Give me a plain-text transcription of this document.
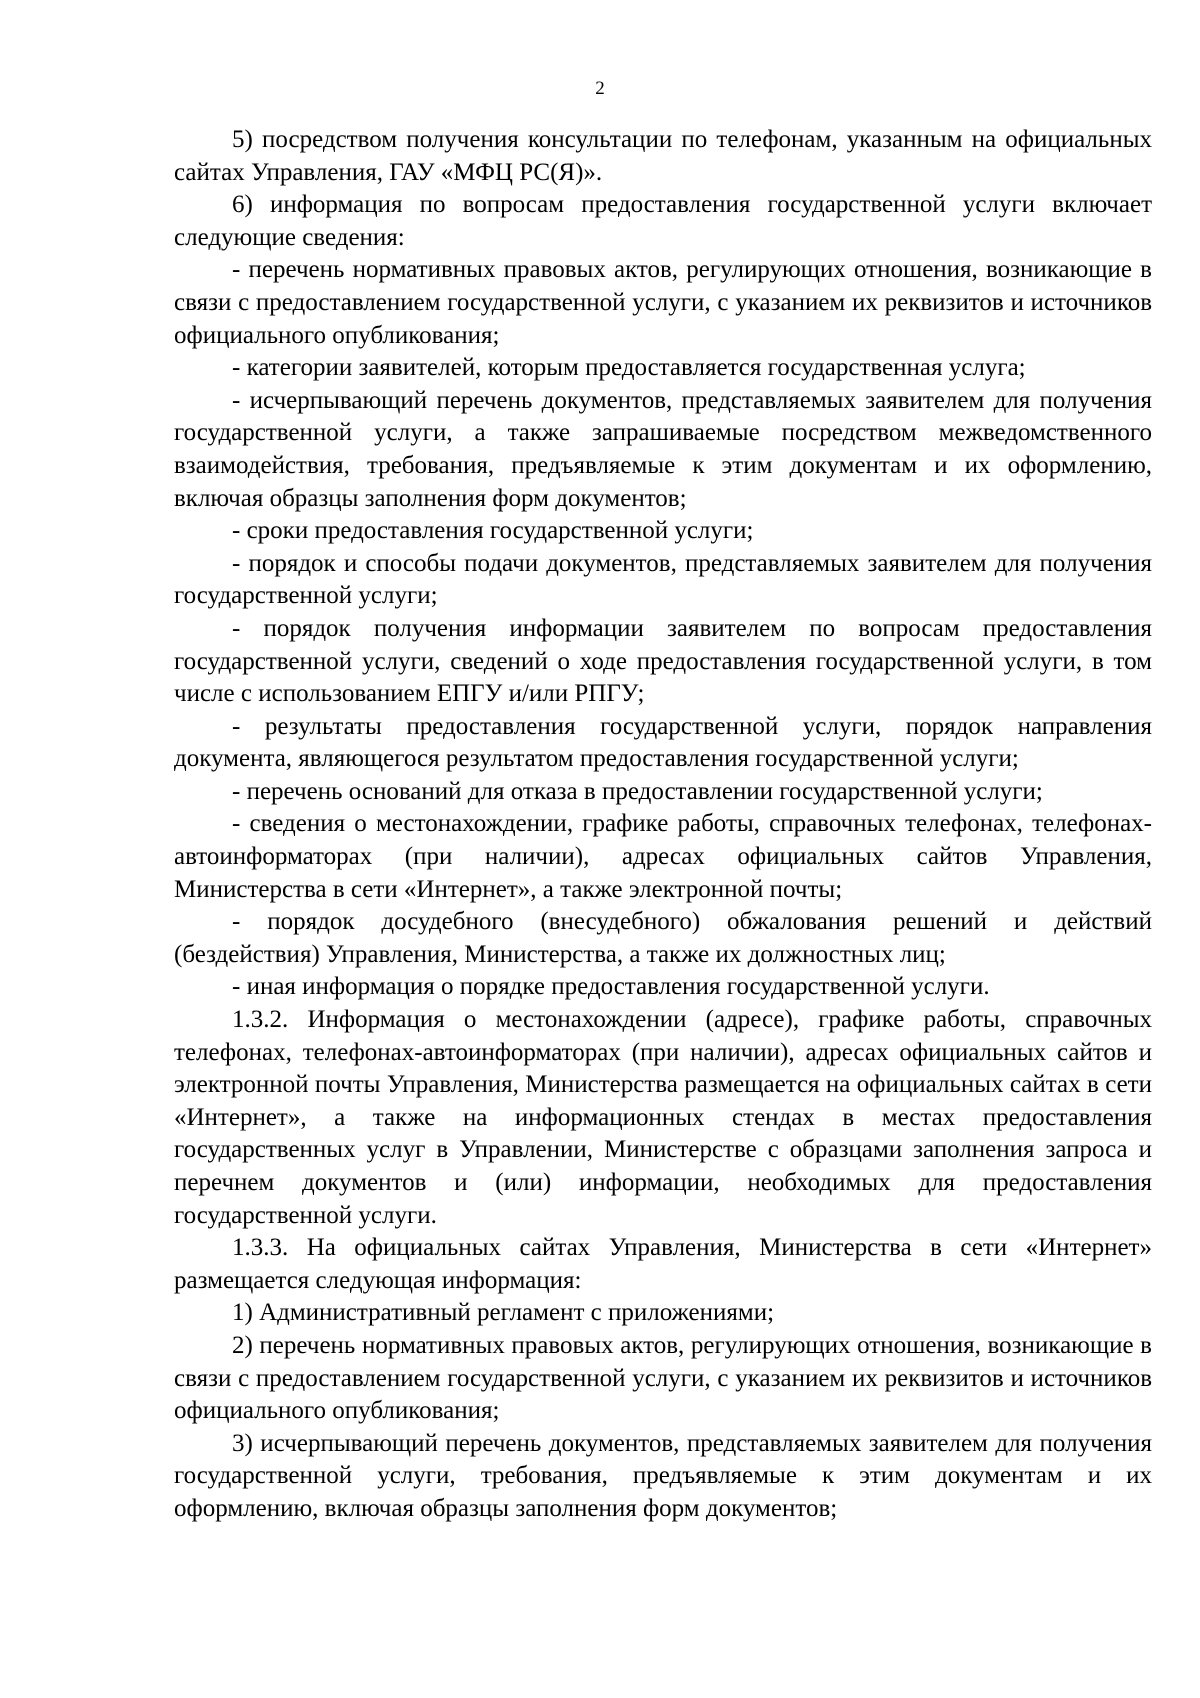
2

5) посредством получения консультации по телефонам, указанным на официальных сайтах Управления, ГАУ «МФЦ РС(Я)».

6) информация по вопросам предоставления государственной услуги включает следующие сведения:

- перечень нормативных правовых актов, регулирующих отношения, возникающие в связи с предоставлением государственной услуги, с указанием их реквизитов и источников официального опубликования;

- категории заявителей, которым предоставляется государственная услуга;

- исчерпывающий перечень документов, представляемых заявителем для получения государственной услуги, а также запрашиваемые посредством межведомственного взаимодействия, требования, предъявляемые к этим документам и их оформлению, включая образцы заполнения форм документов;

- сроки предоставления государственной услуги;

- порядок и способы подачи документов, представляемых заявителем для получения государственной услуги;

- порядок получения информации заявителем по вопросам предоставления государственной услуги, сведений о ходе предоставления государственной услуги, в том числе с использованием ЕПГУ и/или РПГУ;

- результаты предоставления государственной услуги, порядок направления документа, являющегося результатом предоставления государственной услуги;

- перечень оснований для отказа в предоставлении государственной услуги;

- сведения о местонахождении, графике работы, справочных телефонах, телефонах-автоинформаторах (при наличии), адресах официальных сайтов Управления, Министерства в сети «Интернет», а также электронной почты;

- порядок досудебного (внесудебного) обжалования решений и действий (бездействия) Управления, Министерства, а также их должностных лиц;

- иная информация о порядке предоставления государственной услуги.

1.3.2. Информация о местонахождении (адресе), графике работы, справочных телефонах, телефонах-автоинформаторах (при наличии), адресах официальных сайтов и электронной почты Управления, Министерства размещается на официальных сайтах в сети «Интернет», а также на информационных стендах в местах предоставления государственных услуг в Управлении, Министерстве с образцами заполнения запроса и перечнем документов и (или) информации, необходимых для предоставления государственной услуги.

1.3.3. На официальных сайтах Управления, Министерства в сети «Интернет» размещается следующая информация:

1) Административный регламент с приложениями;

2) перечень нормативных правовых актов, регулирующих отношения, возникающие в связи с предоставлением государственной услуги, с указанием их реквизитов и источников официального опубликования;

3) исчерпывающий перечень документов, представляемых заявителем для получения государственной услуги, требования, предъявляемые к этим документам и их оформлению, включая образцы заполнения форм документов;
